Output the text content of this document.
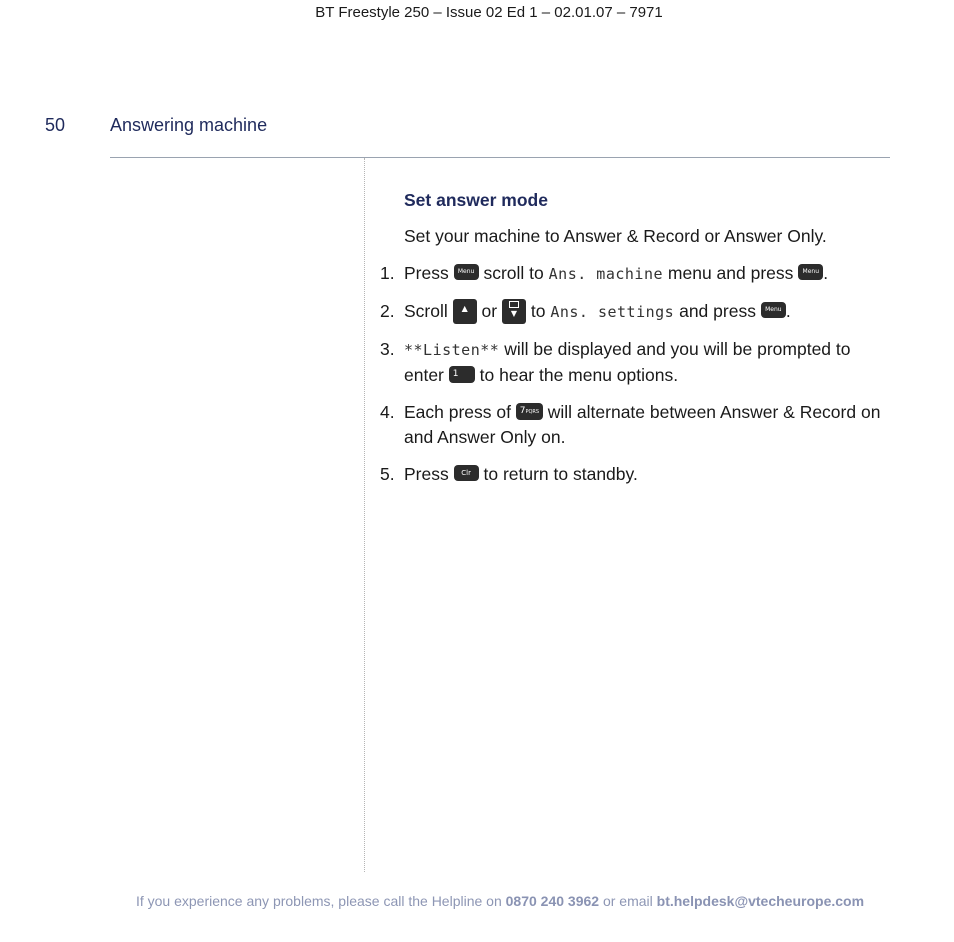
BT Freestyle 250 – Issue 02 Ed 1 – 02.01.07 – 7971
50 Answering machine
Set answer mode

Set your machine to Answer & Record or Answer Only.

1. Press Menu scroll to Ans. machine menu and press Menu .
2. Scroll ▲ or ▼ to Ans. settings and press Menu .
3. **Listen** will be displayed and you will be prompted to enter 1 to hear the menu options.
4. Each press of 7PQRS will alternate between Answer & Record on and Answer Only on.
5. Press Clr to return to standby.
If you experience any problems, please call the Helpline on 0870 240 3962 or email bt.helpdesk@vtecheurope.com
